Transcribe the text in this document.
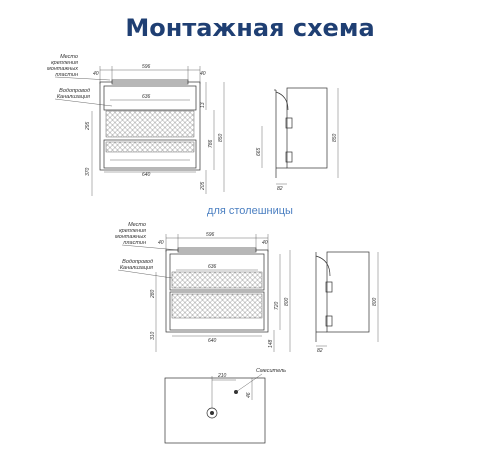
Монтажная схема
для столешницы
Место
крепления
монтажных
пластин
Водопровод
Канализация
40
596
40
636
640
295
370
13
786
850
205
665
850
82
Место
крепления
монтажных
пластин
Водопровод
Канализация
40
596
40
636
640
280
310
720 800
148
800
82
210
Смеситель
46
